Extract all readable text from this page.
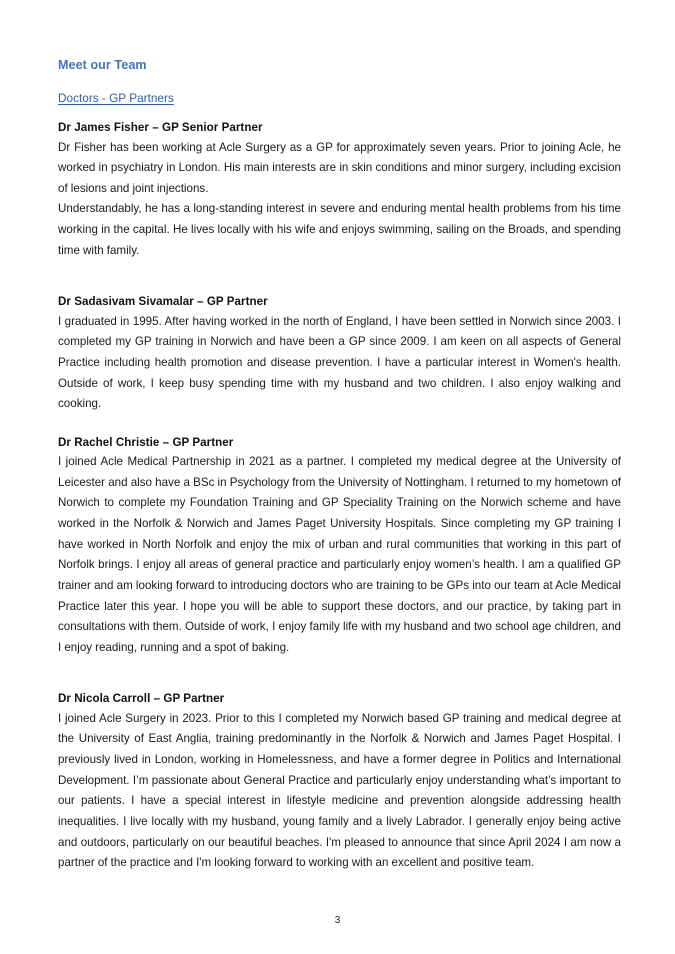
Meet our Team
Doctors - GP Partners
Dr James Fisher – GP Senior Partner

Dr Fisher has been working at Acle Surgery as a GP for approximately seven years. Prior to joining Acle, he worked in psychiatry in London. His main interests are in skin conditions and minor surgery, including excision of lesions and joint injections.

Understandably, he has a long-standing interest in severe and enduring mental health problems from his time working in the capital. He lives locally with his wife and enjoys swimming, sailing on the Broads, and spending time with family.

Dr Sadasivam Sivamalar – GP Partner

I graduated in 1995. After having worked in the north of England, I have been settled in Norwich since 2003. I completed my GP training in Norwich and have been a GP since 2009. I am keen on all aspects of General Practice including health promotion and disease prevention. I have a particular interest in Women's health. Outside of work, I keep busy spending time with my husband and two children. I also enjoy walking and cooking.

Dr Rachel Christie – GP Partner

I joined Acle Medical Partnership in 2021 as a partner. I completed my medical degree at the University of Leicester and also have a BSc in Psychology from the University of Nottingham. I returned to my hometown of Norwich to complete my Foundation Training and GP Speciality Training on the Norwich scheme and have worked in the Norfolk & Norwich and James Paget University Hospitals. Since completing my GP training I have worked in North Norfolk and enjoy the mix of urban and rural communities that working in this part of Norfolk brings. I enjoy all areas of general practice and particularly enjoy women’s health. I am a qualified GP trainer and am looking forward to introducing doctors who are training to be GPs into our team at Acle Medical Practice later this year. I hope you will be able to support these doctors, and our practice, by taking part in consultations with them. Outside of work, I enjoy family life with my husband and two school age children, and I enjoy reading, running and a spot of baking.

Dr Nicola Carroll – GP Partner

I joined Acle Surgery in 2023. Prior to this I completed my Norwich based GP training and medical degree at the University of East Anglia, training predominantly in the Norfolk & Norwich and James Paget Hospital. I previously lived in London, working in Homelessness, and have a former degree in Politics and International Development. I’m passionate about General Practice and particularly enjoy understanding what’s important to our patients. I have a special interest in lifestyle medicine and prevention alongside addressing health inequalities. I live locally with my husband, young family and a lively Labrador. I generally enjoy being active and outdoors, particularly on our beautiful beaches. I'm pleased to announce that since April 2024 I am now a partner of the practice and I'm looking forward to working with an excellent and positive team.

3
